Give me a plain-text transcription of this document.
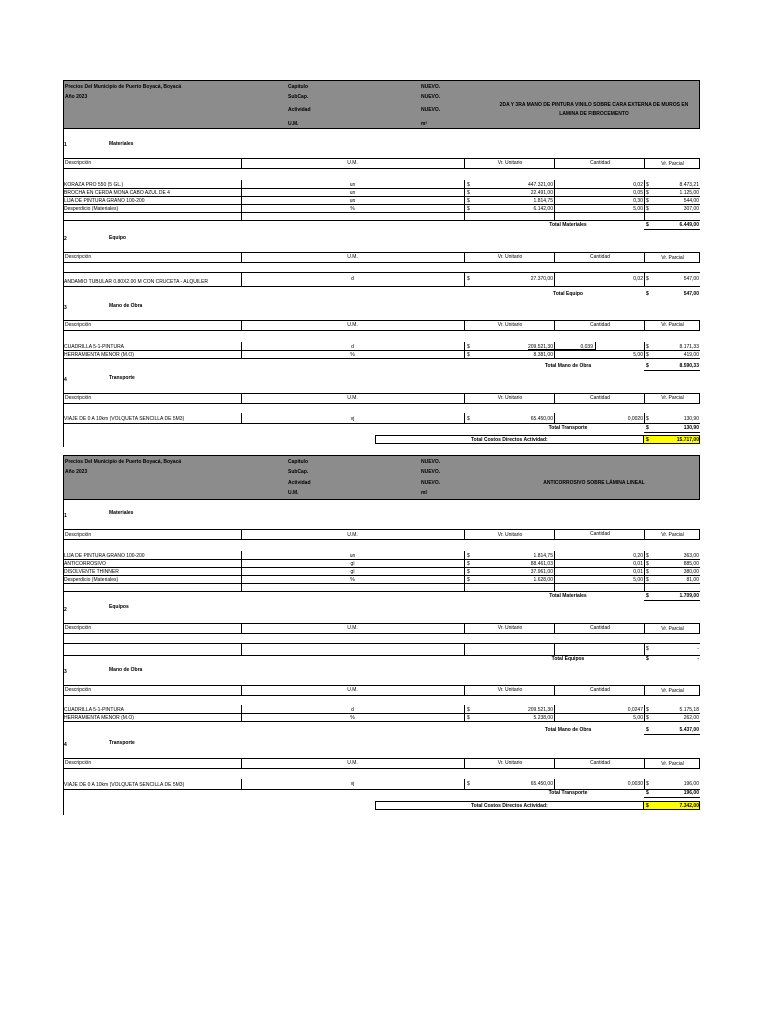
Precios Del Municipio de Puerto Boyacá, Boyacá
Año 2023
Capitulo	NUEVO.
SubCap.	NUEVO.
Actividad	NUEVO.
U.M.	m²
2DA Y 3RA MANO DE PINTURA VINILO SOBRE CARA EXTERNA DE MUROS EN
LAMINA DE FIBROCEMENTO
1	Materiales
Descripción	U.M.	Vr. Unitario	Cantidad	Vr. Parcial
KORAZA PRO 550 (5 GL.)	un	$	447.321,00	0,02 $	8.473,21
BROCHA EN CERDA MONA CABO AZUL DE 4	un	$	22.491,00	0,05 $	1.125,00
LIJA DE PINTURA GRANO 100-200	un	$	1.814,75	0,30 $	544,00
Desperdicio (Materiales)	%	$	6.142,00	5,00 $	307,00
Total Materiales	$	6.449,00
2	Equipo
Descripción	U.M.	Vr. Unitario	Cantidad	Vr. Parcial
ANDAMIO TUBULAR 0.80X2.00 M CON CRUCETA - ALQUILER	d	$	27.370,00	0,02 $	547,00
Total Equipo	$	547,00
3	Mano de Obra
Descripción	U.M.	Vr. Unitario	Cantidad	Vr. Parcial
CUADRILLA 5-1-PINTURA	d	$	209.521,30	0,039	$	8.171,33
HERRAMIENTA MENOR (M.O)	%	$	8.381,00	5,00 $	419,00
Total Mano de Obra	$	8.590,33
4	Transporte
Descripción	U.M.	Vr. Unitario	Cantidad	Vr. Parcial
VIAJE DE 0 A 10km (VOLQUETA SENCILLA DE 5M3)	vj	$	65.450,00	0,0020 $	130,90
Total Transporte	$	130,90
Total Costos Directos Actividad:	$	15.717,00
Precios Del Municipio de Puerto Boyacá, Boyacá
Año 2023
Capitulo	NUEVO.
SubCap.	NUEVO.
Actividad	NUEVO.
U.M.	ml
ANTICORROSIVO SOBRE LÁMINA LINEAL
1	Materiales
Descripción	U.M.	Vr. Unitario	Cantidad	Vr. Parcial
LIJA DE PINTURA GRANO 100-200	un	$	1.814,75	0,20 $	363,00
ANTICORROSIVO	gl	$	88.461,03	0,01 $	885,00
DISOLVENTE THINNER	gl	$	37.961,00	0,01 $	380,00
Desperdicio (Materiales)	%	$	1.628,00	5,00 $	81,00
Total Materiales	$	1.709,00
2	Equipos
Descripción	U.M.	Vr. Unitario	Cantidad	Vr. Parcial
$	-
Total Equipos	$	-
3	Mano de Obra
Descripción	U.M.	Vr. Unitario	Cantidad	Vr. Parcial
CUADRILLA 5-1-PINTURA	d	$	209.521,30	0,0247 $	5.175,18
HERRAMIENTA MENOR (M.O)	%	$	5.238,00	5,00 $	262,00
Total Mano de Obra	$	5.437,00
4	Transporte
Descripción	U.M.	Vr. Unitario	Cantidad	Vr. Parcial
VIAJE DE 0 A 10km (VOLQUETA SENCILLA DE 5M3)	vj	$	65.450,00	0,0030 $	196,00
Total Transporte	$	196,00
Total Costos Directos Actividad:	$	7.342,00
